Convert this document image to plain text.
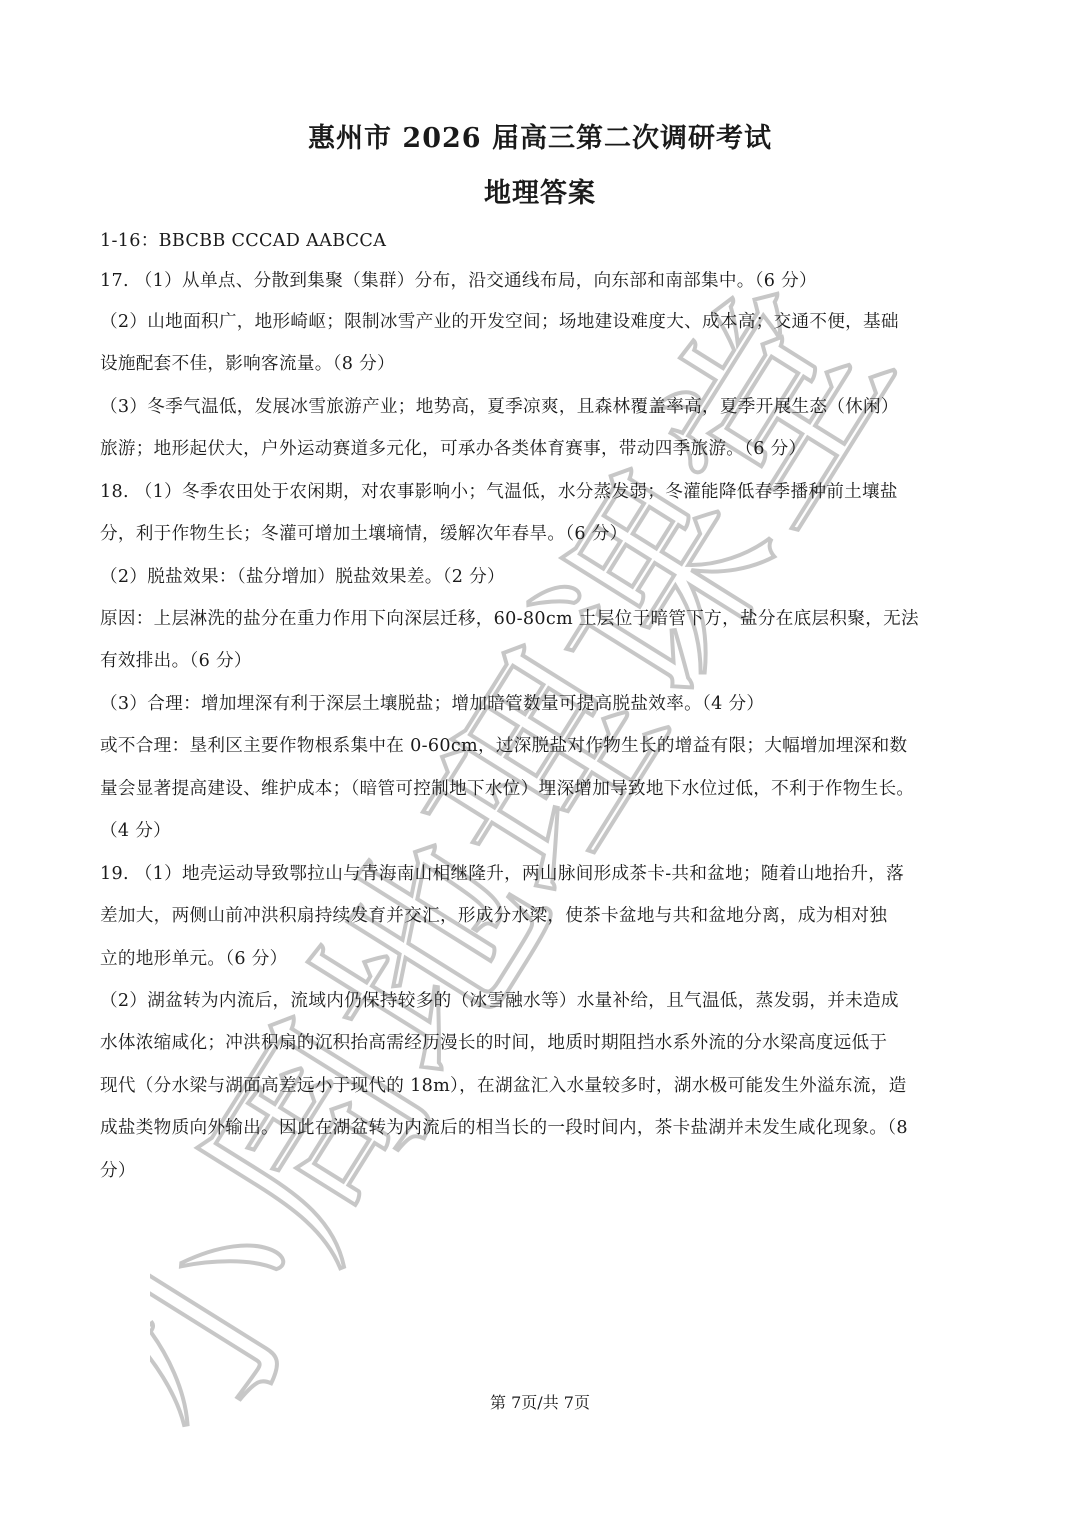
小周地理课堂
惠州市 2026 届高三第二次调研考试
地理答案
1-16：BBCBB CCCAD AABCCA
17. （1）从单点、分散到集聚（集群）分布，沿交通线布局，向东部和南部集中。（6 分）
（2）山地面积广，地形崎岖；限制冰雪产业的开发空间；场地建设难度大、成本高；交通不便，基础
设施配套不佳，影响客流量。（8 分）
（3）冬季气温低，发展冰雪旅游产业；地势高，夏季凉爽，且森林覆盖率高，夏季开展生态（休闲）
旅游；地形起伏大，户外运动赛道多元化，可承办各类体育赛事，带动四季旅游。（6 分）
18. （1）冬季农田处于农闲期，对农事影响小；气温低，水分蒸发弱；冬灌能降低春季播种前土壤盐
分，利于作物生长；冬灌可增加土壤墒情，缓解次年春旱。（6 分）
（2）脱盐效果：（盐分增加）脱盐效果差。（2 分）
原因：上层淋洗的盐分在重力作用下向深层迁移，60-80cm 土层位于暗管下方，盐分在底层积聚，无法
有效排出。（6 分）
（3）合理：增加埋深有利于深层土壤脱盐；增加暗管数量可提高脱盐效率。（4 分）
或不合理：垦利区主要作物根系集中在 0-60cm，过深脱盐对作物生长的增益有限；大幅增加埋深和数
量会显著提高建设、维护成本；（暗管可控制地下水位）埋深增加导致地下水位过低，不利于作物生长。
（4 分）
19. （1）地壳运动导致鄂拉山与青海南山相继隆升，两山脉间形成茶卡-共和盆地；随着山地抬升，落
差加大，两侧山前冲洪积扇持续发育并交汇，形成分水梁，使茶卡盆地与共和盆地分离，成为相对独
立的地形单元。（6 分）
（2）湖盆转为内流后，流域内仍保持较多的（冰雪融水等）水量补给，且气温低，蒸发弱，并未造成
水体浓缩咸化；冲洪积扇的沉积抬高需经历漫长的时间，地质时期阻挡水系外流的分水梁高度远低于
现代（分水梁与湖面高差远小于现代的 18m），在湖盆汇入水量较多时，湖水极可能发生外溢东流，造
成盐类物质向外输出。因此在湖盆转为内流后的相当长的一段时间内，茶卡盐湖并未发生咸化现象。（8
分）
第 7页/共 7页
